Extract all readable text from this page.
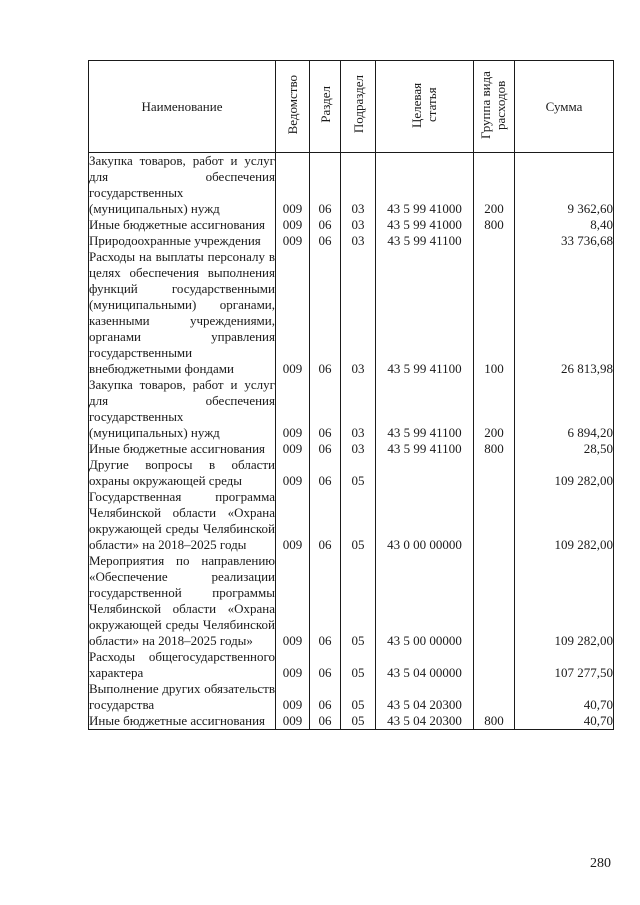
Наименование	Ведомство	Раздел	Подраздел	Целевая статья	Группа вида расходов	Сумма
Закупка товаров, работ и услуг для обеспечения государственных (муниципальных) нужд	009	06	03	43 5 99 41000	200	9 362,60
Иные бюджетные ассигнования	009	06	03	43 5 99 41000	800	8,40
Природоохранные учреждения	009	06	03	43 5 99 41100		33 736,68
Расходы на выплаты персоналу в целях обеспечения выполнения функций государственными (муниципальными) органами, казенными учреждениями, органами управления государственными внебюджетными фондами	009	06	03	43 5 99 41100	100	26 813,98
Закупка товаров, работ и услуг для обеспечения государственных (муниципальных) нужд	009	06	03	43 5 99 41100	200	6 894,20
Иные бюджетные ассигнования	009	06	03	43 5 99 41100	800	28,50
Другие вопросы в области охраны окружающей среды	009	06	05			109 282,00
Государственная программа Челябинской области «Охрана окружающей среды Челябинской области» на 2018–2025 годы	009	06	05	43 0 00 00000		109 282,00
Мероприятия по направлению «Обеспечение реализации государственной программы Челябинской области «Охрана окружающей среды Челябинской области» на 2018–2025 годы»	009	06	05	43 5 00 00000		109 282,00
Расходы общегосударственного характера	009	06	05	43 5 04 00000		107 277,50
Выполнение других обязательств государства	009	06	05	43 5 04 20300		40,70
Иные бюджетные ассигнования	009	06	05	43 5 04 20300	800	40,70
280
